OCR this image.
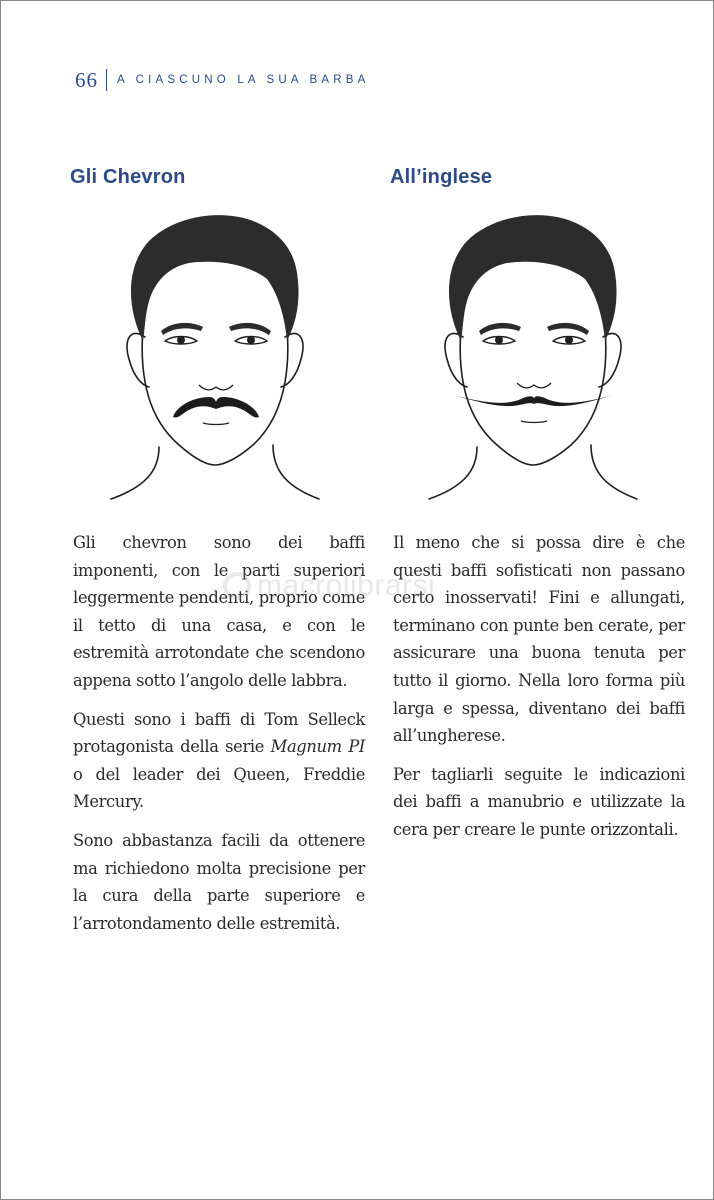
66 A CIASCUNO LA SUA BARBA
Gli Chevron

Gli chevron sono dei baffi imponenti, con le parti superiori leggermente pendenti, proprio come il tetto di una casa, e con le estremità arrotondate che scendono appena sotto l’angolo delle labbra.

Questi sono i baffi di Tom Selleck protagonista della serie Magnum PI o del leader dei Queen, Freddie Mercury.

Sono abbastanza facili da ottenere ma richiedono molta precisione per la cura della parte superiore e l’arrotondamento delle estremità.

All’inglese

Il meno che si possa dire è che questi baffi sofisticati non passano certo inosservati! Fini e allungati, terminano con punte ben cerate, per assicurare una buona tenuta per tutto il giorno. Nella loro forma più larga e spessa, diventano dei baffi all’ungherese.

Per tagliarli seguite le indicazioni dei baffi a manubrio e utilizzate la cera per creare le punte orizzontali.

macrolibrarsi
